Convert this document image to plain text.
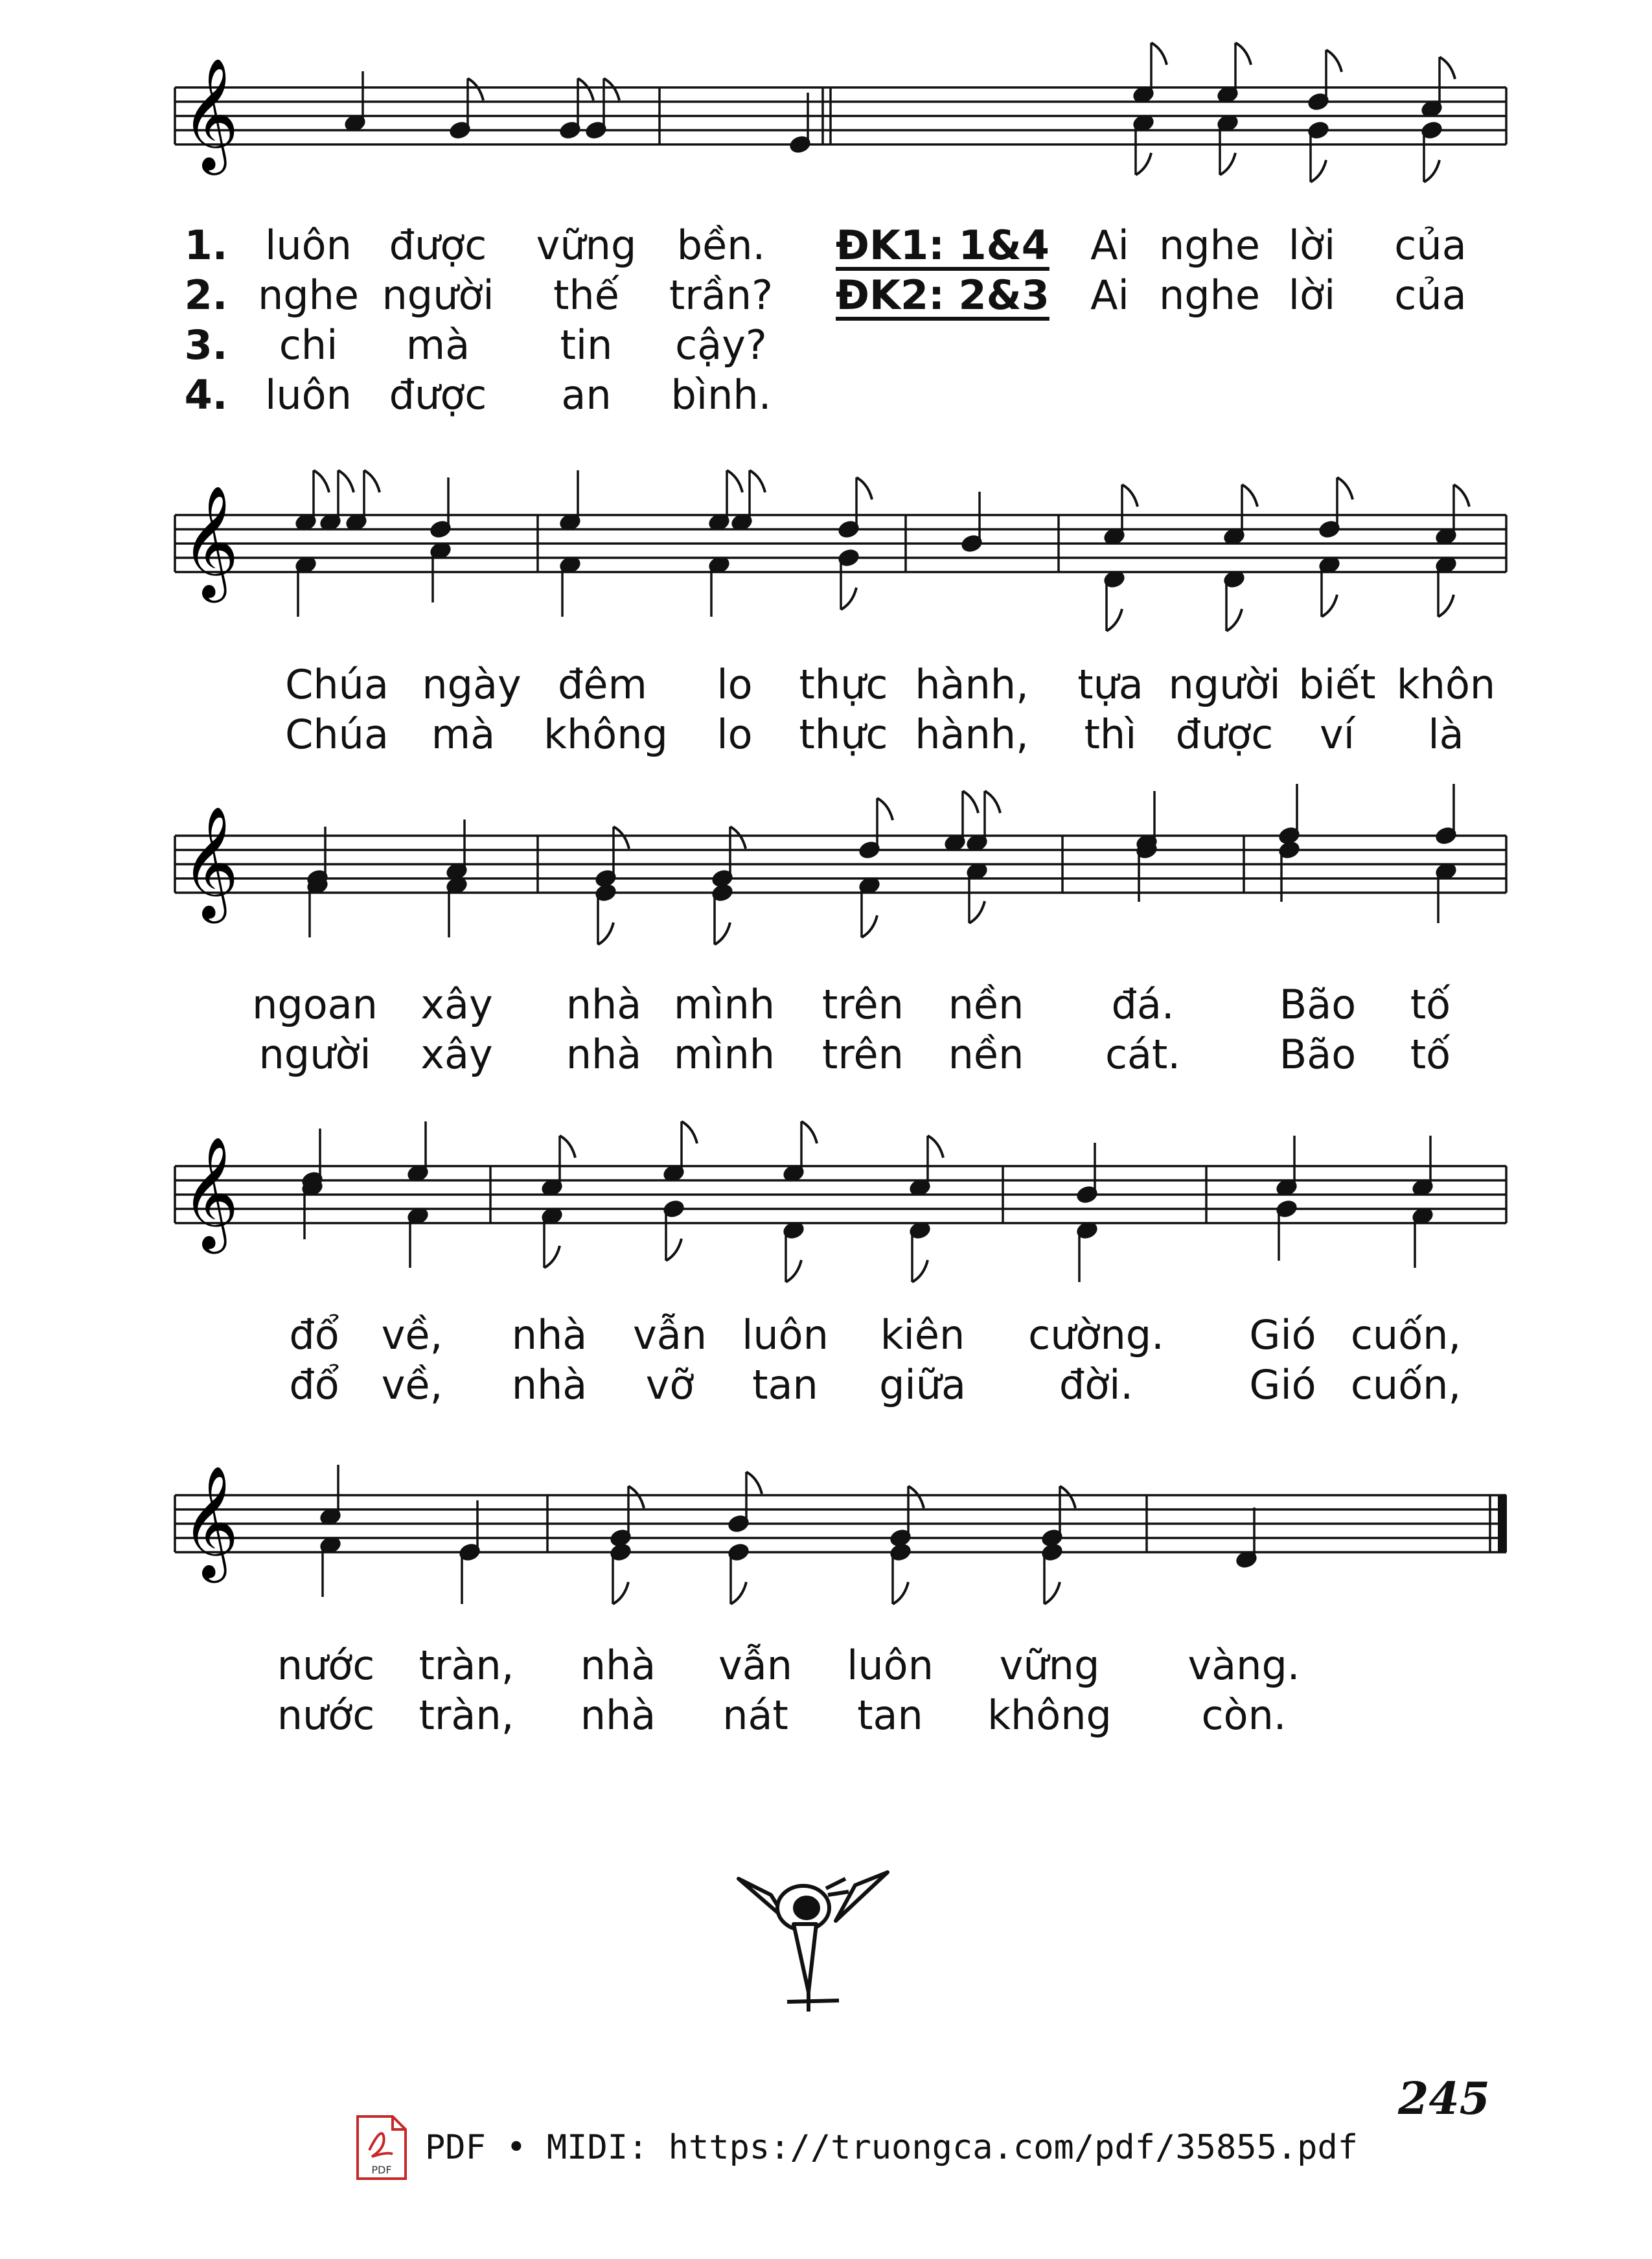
𝄞
1. luôn được vững bền. ĐK1: 1&4 Ai nghe lời của
2. nghe người thế trần? ĐK2: 2&3 Ai nghe lời của
3. chi mà tin cậy?
4. luôn được an bình.
𝄞
Chúa ngày đêm lo thực hành, tựa người biết khôn
Chúa mà không lo thực hành, thì được ví là
𝄞
ngoan xây nhà mình trên nền đá.	Bão tố
người xây nhà mình trên nền cát. Bão tố
𝄞
đổ về, nhà vẫn luôn kiên cường. Gió cuốn,
đổ về, nhà vỡ tan giữa đời.	Gió cuốn,
𝄞
nước tràn, nhà vẫn luôn vững vàng.
nước tràn, nhà nát tan không còn.
245
PDF
PDF • MIDI: https://truongca.com/pdf/35855.pdf
